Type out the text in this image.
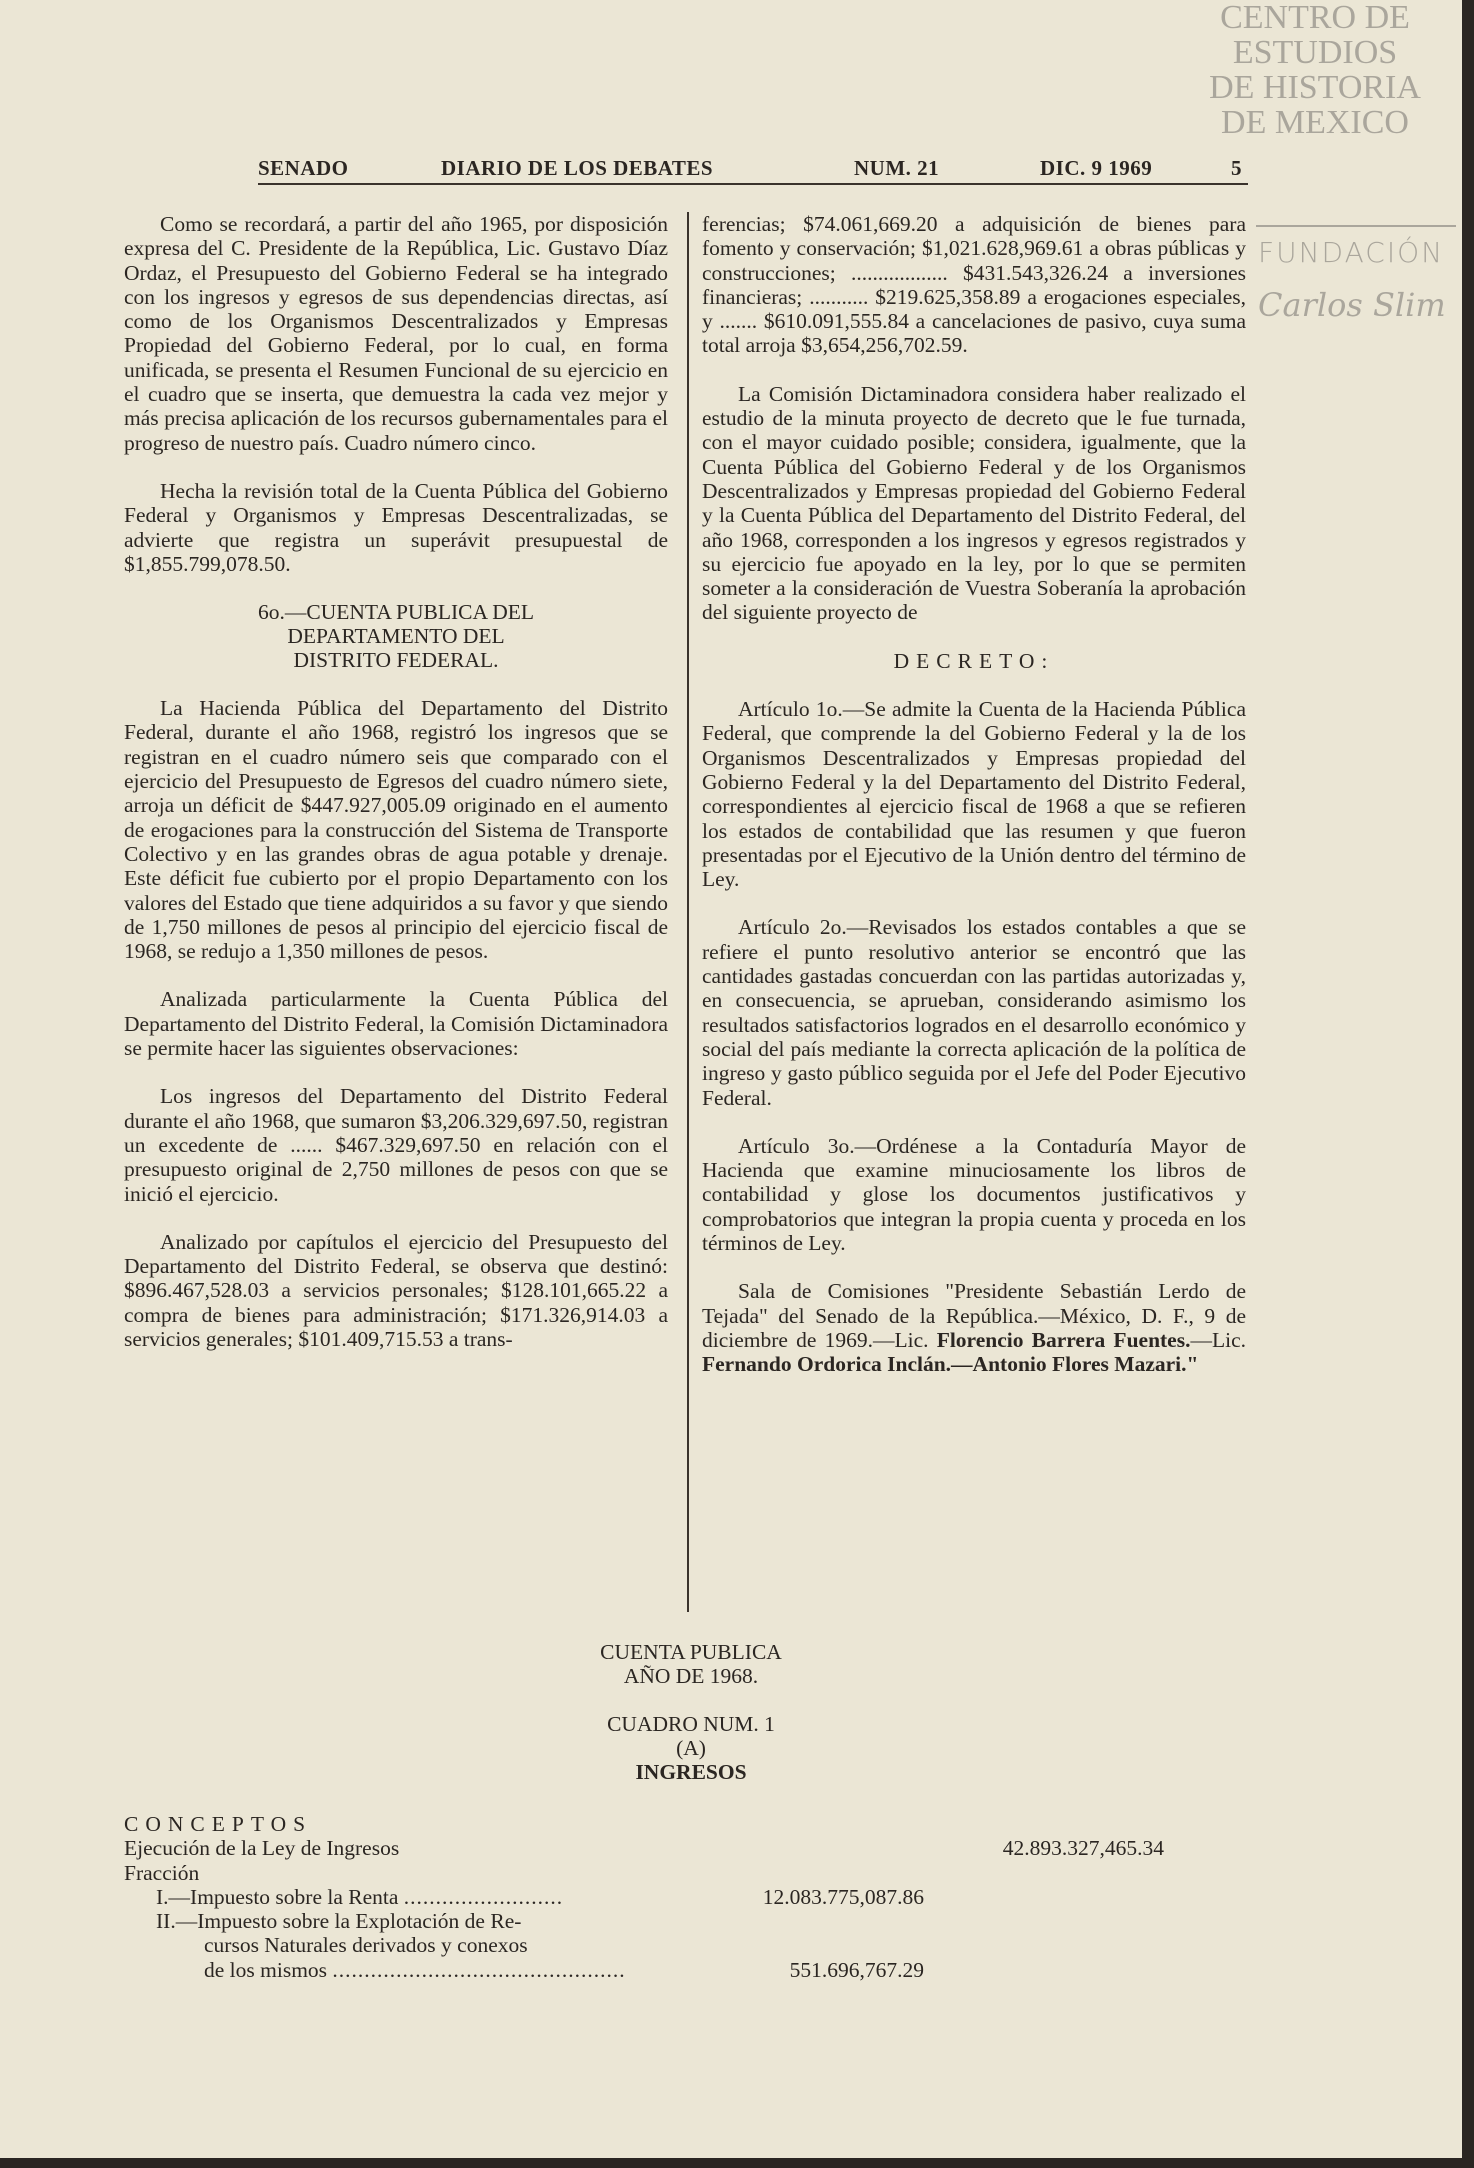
CENTRO DE
ESTUDIOS
DE HISTORIA
DE MEXICO
FUNDACIÓN
Carlos Slim
SENADO	DIARIO DE LOS DEBATES	NUM. 21	DIC. 9 1969	5

Como se recordará, a partir del año 1965, por disposición expresa del C. Presidente de la República, Lic. Gustavo Díaz Ordaz, el Presupuesto del Gobierno Federal se ha integrado con los ingresos y egresos de sus dependencias directas, así como de los Organismos Descentralizados y Empresas Propiedad del Gobierno Federal, por lo cual, en forma unificada, se presenta el Resumen Funcional de su ejercicio en el cuadro que se inserta, que demuestra la cada vez mejor y más precisa aplicación de los recursos gubernamentales para el progreso de nuestro país. Cuadro número cinco.

Hecha la revisión total de la Cuenta Pública del Gobierno Federal y Organismos y Empresas Descentralizadas, se advierte que registra un superávit presupuestal de $1,855.799,078.50.

6o.—CUENTA PUBLICA DEL
DEPARTAMENTO DEL
DISTRITO FEDERAL.

La Hacienda Pública del Departamento del Distrito Federal, durante el año 1968, registró los ingresos que se registran en el cuadro número seis que comparado con el ejercicio del Presupuesto de Egresos del cuadro número siete, arroja un déficit de $447.927,005.09 originado en el aumento de erogaciones para la construcción del Sistema de Transporte Colectivo y en las grandes obras de agua potable y drenaje. Este déficit fue cubierto por el propio Departamento con los valores del Estado que tiene adquiridos a su favor y que siendo de 1,750 millones de pesos al principio del ejercicio fiscal de 1968, se redujo a 1,350 millones de pesos.

Analizada particularmente la Cuenta Pública del Departamento del Distrito Federal, la Comisión Dictaminadora se permite hacer las siguientes observaciones:

Los ingresos del Departamento del Distrito Federal durante el año 1968, que sumaron $3,206.329,697.50, registran un excedente de ...... $467.329,697.50 en relación con el presupuesto original de 2,750 millones de pesos con que se inició el ejercicio.

Analizado por capítulos el ejercicio del Presupuesto del Departamento del Distrito Federal, se observa que destinó: $896.467,528.03 a servicios personales; $128.101,665.22 a compra de bienes para administración; $171.326,914.03 a servicios generales; $101.409,715.53 a trans-

ferencias; $74.061,669.20 a adquisición de bienes para fomento y conservación; $1,021.628,969.61 a obras públicas y construcciones; .................. $431.543,326.24 a inversiones financieras; ........... $219.625,358.89 a erogaciones especiales, y ....... $610.091,555.84 a cancelaciones de pasivo, cuya suma total arroja $3,654,256,702.59.

La Comisión Dictaminadora considera haber realizado el estudio de la minuta proyecto de decreto que le fue turnada, con el mayor cuidado posible; considera, igualmente, que la Cuenta Pública del Gobierno Federal y de los Organismos Descentralizados y Empresas propiedad del Gobierno Federal y la Cuenta Pública del Departamento del Distrito Federal, del año 1968, corresponden a los ingresos y egresos registrados y su ejercicio fue apoyado en la ley, por lo que se permiten someter a la consideración de Vuestra Soberanía la aprobación del siguiente proyecto de

DECRETO:

Artículo 1o.—Se admite la Cuenta de la Hacienda Pública Federal, que comprende la del Gobierno Federal y la de los Organismos Descentralizados y Empresas propiedad del Gobierno Federal y la del Departamento del Distrito Federal, correspondientes al ejercicio fiscal de 1968 a que se refieren los estados de contabilidad que las resumen y que fueron presentadas por el Ejecutivo de la Unión dentro del término de Ley.

Artículo 2o.—Revisados los estados contables a que se refiere el punto resolutivo anterior se encontró que las cantidades gastadas concuerdan con las partidas autorizadas y, en consecuencia, se aprueban, considerando asimismo los resultados satisfactorios logrados en el desarrollo económico y social del país mediante la correcta aplicación de la política de ingreso y gasto público seguida por el Jefe del Poder Ejecutivo Federal.

Artículo 3o.—Ordénese a la Contaduría Mayor de Hacienda que examine minuciosamente los libros de contabilidad y glose los documentos justificativos y comprobatorios que integran la propia cuenta y proceda en los términos de Ley.

Sala de Comisiones "Presidente Sebastián Lerdo de Tejada" del Senado de la República.—México, D. F., 9 de diciembre de 1969.—Lic. Florencio Barrera Fuentes.—Lic. Fernando Ordorica Inclán.—Antonio Flores Mazari."

CUENTA PUBLICA
AÑO DE 1968.
CUADRO NUM. 1
(A)
INGRESOS
CONCEPTOS
Ejecución de la Ley de Ingresos	42.893.327,465.34
Fracción
I.—Impuesto sobre la Renta .........................	12.083.775,087.86
II.—Impuesto sobre la Explotación de Re-
cursos Naturales derivados y conexos
de los mismos ..............................................	551.696,767.29
